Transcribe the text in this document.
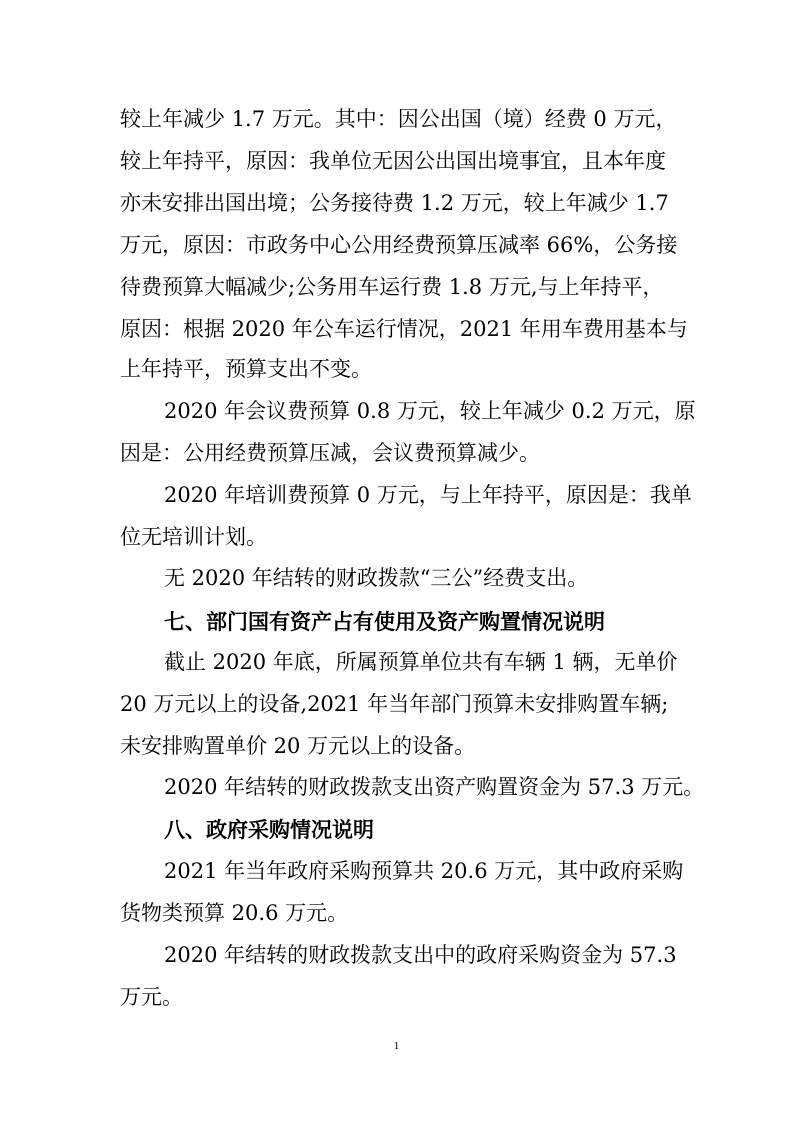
较上年减少 1.7 万元。其中：因公出国（境）经费 0 万元，
较上年持平，原因：我单位无因公出国出境事宜，且本年度
亦未安排出国出境；公务接待费 1.2 万元，较上年减少 1.7
万元，原因：市政务中心公用经费预算压减率 66%，公务接
待费预算大幅减少;公务用车运行费 1.8 万元,与上年持平，
原因：根据 2020 年公车运行情况，2021 年用车费用基本与
上年持平，预算支出不变。
2020 年会议费预算 0.8 万元，较上年减少 0.2 万元，原
因是：公用经费预算压减，会议费预算减少。
2020 年培训费预算 0 万元，与上年持平，原因是：我单
位无培训计划。
无 2020 年结转的财政拨款“三公”经费支出。
七、部门国有资产占有使用及资产购置情况说明
截止 2020 年底，所属预算单位共有车辆 1 辆，无单价
20 万元以上的设备,2021 年当年部门预算未安排购置车辆;
未安排购置单价 20 万元以上的设备。
2020 年结转的财政拨款支出资产购置资金为 57.3 万元。
八、政府采购情况说明
2021 年当年政府采购预算共 20.6 万元，其中政府采购
货物类预算 20.6 万元。
2020 年结转的财政拨款支出中的政府采购资金为 57.3
万元。
1
